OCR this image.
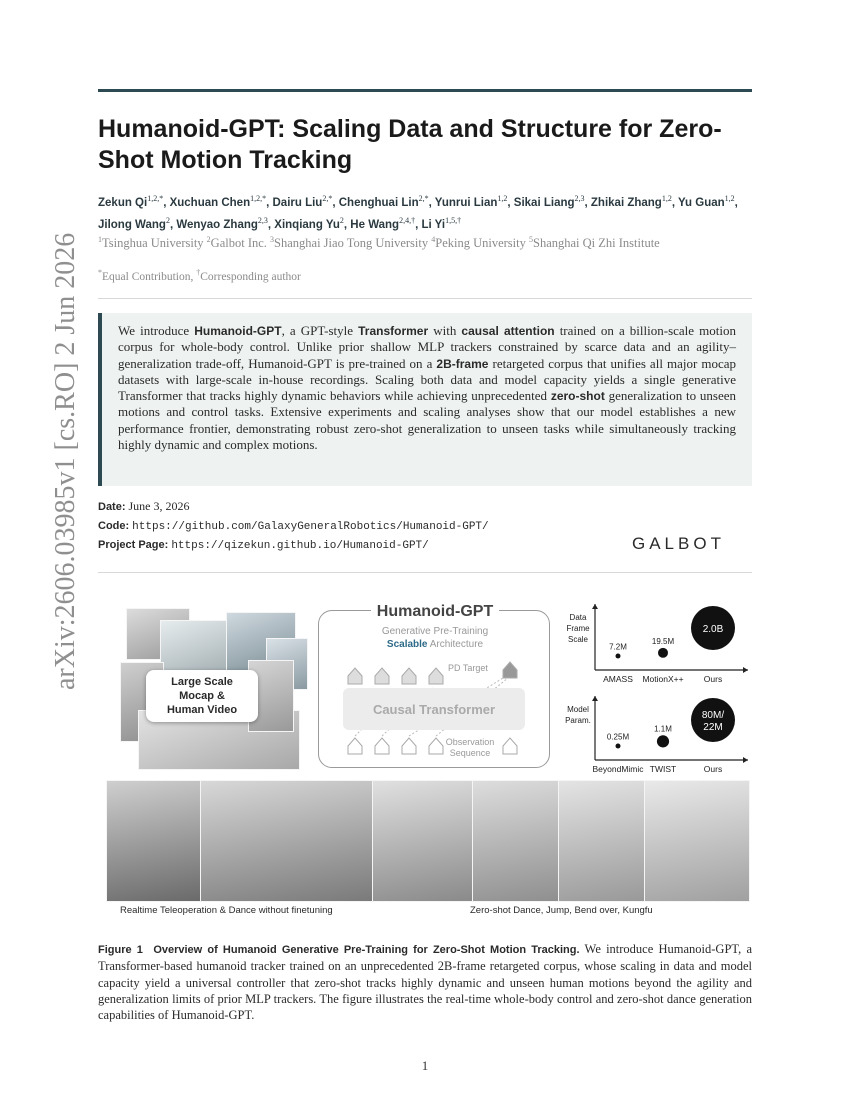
arXiv:2606.03985v1 [cs.RO] 2 Jun 2026
Humanoid-GPT: Scaling Data and Structure for Zero-Shot Motion Tracking
Zekun $Qi^{1,2,*}$, Xuchuan Chen$^{1,2,*}$, Dairu Liu$^{2,*}$, Chenghuai Lin$^{2,*}$, Yunrui Lian$^{1,2}$, Sikai Liang$^{2,3}$, Zhikai Zhang$^{1,2}$, Yu Guan$^{1,2}$, Jilong Wang$^2$, Wenyao Zhang$^{2,3}$, Xinqiang Yu$^2$, He Wang$^{2,4,\dagger}$, Li $Yi^{1,5,\dagger}$
$^1$Tsinghua University $^2$Galbot Inc. $^3$Shanghai Jiao Tong University $^4$Peking University $^5$Shanghai Qi Zhi Institute
*Equal Contribution, †Corresponding author

We introduce Humanoid-GPT, a GPT-style Transformer with causal attention trained on a billion-scale motion corpus for whole-body control. Unlike prior shallow MLP trackers constrained by scarce data and an agility–generalization trade-off, Humanoid-GPT is pre-trained on a 2B-frame retargeted corpus that unifies all major mocap datasets with large-scale in-house recordings. Scaling both data and model capacity yields a single generative Transformer that tracks highly dynamic behaviors while achieving unprecedented zero-shot generalization to unseen motions and control tasks. Extensive experiments and scaling analyses show that our model establishes a new performance frontier, demonstrating robust zero-shot generalization to unseen tasks while simultaneously tracking highly dynamic and complex motions.

Date: June 3, 2026
Code: https://github.com/GalaxyGeneralRobotics/Humanoid-GPT/
Project Page: https://qizekun.github.io/Humanoid-GPT/	GALBOT
Large Scale
Mocap &
Human Video
Humanoid-GPT
Generative Pre-Training
Scalable Architecture
PD Target
Causal Transformer
Observation
Sequence
Data
Frame
Scale
7.2M
AMASS
19.5M
MotionX++
2.0B
Ours
Model
Param.
0.25M
BeyondMimic
1.1M
TWIST
80M/ 22M
Ours
Realtime Teleoperation & Dance without finetuning	Zero-shot Dance, Jump, Bend over, Kungfu
Figure 1 Overview of Humanoid Generative Pre-Training for Zero-Shot Motion Tracking. We introduce Humanoid-GPT, a Transformer-based humanoid tracker trained on an unprecedented 2B-frame retargeted corpus, whose scaling in data and model capacity yield a universal controller that zero-shot tracks highly dynamic and unseen human motions beyond the agility and generalization limits of prior MLP trackers. The figure illustrates the real-time whole-body control and zero-shot dance generation capabilities of Humanoid-GPT.
1
